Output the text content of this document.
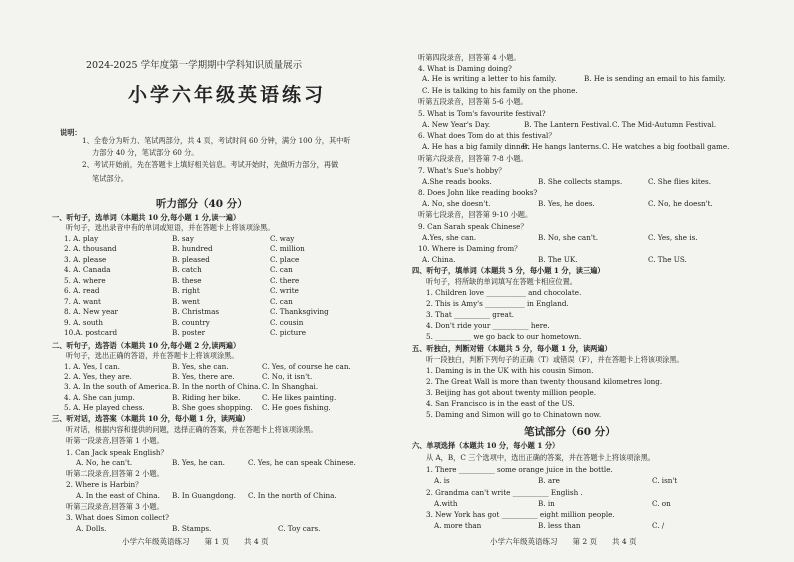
2024-2025 学年度第一学期期中学科知识质量展示
小学六年级英语练习
说明：
1、全卷分为听力、笔试两部分，共 4 页，考试时间 60 分钟，满分 100 分，其中听
力部分 40 分，笔试部分 60 分。
2、考试开始前，先在答题卡上填好相关信息。考试开始时，先做听力部分，再做
笔试部分。
听力部分（40 分）
一、听句子，选单词（本题共 10 分,每小题 1 分,读一遍）
听句子，选出录音中有的单词或短语，并在答题卡上将该项涂黑。
1. A. play	B. say	C. way
2. A. thousand	B. hundred	C. million
3. A. please	B. pleased	C. place
4. A. Canada	B. catch	C. can
5. A. where	B. these	C. there
6. A. read	B. right	C. write
7. A. want	B. went	C. can
8. A. New year	B. Christmas	C. Thanksgiving
9. A. south	B. country	C. cousin
10.A. postcard	B. poster	C. picture
二、听句子，选答语（本题共 10 分,每小题 2 分,读两遍）
听句子，选出正确的答语，并在答题卡上将该项涂黑。
1. A. Yes, I can.	B. Yes, she can.	C. Yes, of course he can.
2. A. Yes, they are.	B. Yes, there are.	C. No, it isn't.
3. A. In the south of America. B. In the north of China. C. In Shanghai.
4. A. She can jump.	B. Riding her bike.	C. He likes painting.
5. A. He played chess.	B. She goes shopping. C. He goes fishing.
三、听对话，选答案（本题共 10 分，每小题 1 分，读两遍）
听对话，根据内容和提供的问题，选择正确的答案，并在答题卡上将该项涂黑。
听第一段录音,回答第 1 小题。
1. Can Jack speak English？
A. No, he can't.	B. Yes, he can.	C. Yes, he can speak Chinese.
听第二段录音,回答第 2 小题。
2. Where is Harbin？
A. In the east of China. B. In Guangdong. C. In the north of China.
听第三段录音,回答第 3 小题。
3. What does Simon collect?
A. Dolls.	B. Stamps.	C. Toy cars.
小学六年级英语练习　　第 1 页　　共 4 页
听第四段录音，回答第 4 小题。
4. What is Daming doing?
A. He is writing a letter to his family.	B. He is sending an email to his family.
C. He is talking to his family on the phone.
听第五段录音，回答第 5-6 小题。
5. What is Tom's favourite festival?
A. New Year's Day.	B. The Lantern Festival. C. The Mid-Autumn Festival.
6. What does Tom do at this festival？
A. He has a big family dinner.
B. He hangs lanterns. C. He watches a big football game.
听第六段录音，回答第 7-8 小题。
7. What's Sue's hobby？
A.She reads books.	B. She collects stamps.	C. She flies kites.
8. Does John like reading books?
A. No, she doesn't.	B. Yes, he does.	C. No, he doesn't.
听第七段录音，回答第 9-10 小题。
9. Can Sarah speak Chinese？
A.Yes, she can.	B. No, she can't.	C. Yes, she is.
10. Where is Daming from？
A. China.	B. The UK.	C. The US.
四、听句子，填单词（本题共 5 分，每小题 1 分，读三遍）
听句子，将所缺的单词填写在答题卡相应位置。
1. Children love ___________ and chocolate.
2. This is Amy's ___________ in England.
3. That __________ great.
4. Don't ride your __________ here.
5. __________ we go back to our hometown.
五、听独白，判断对错（本题共 5 分，每小题 1 分，读两遍）
听一段独白，判断下列句子的正确（T）或错误（F），并在答题卡上将该项涂黑。
1. Daming is in the UK with his cousin Simon.
2. The Great Wall is more than twenty thousand kilometres long.
3. Beijing has got about twenty million people.
4. San Francisco is in the east of the US.
5. Daming and Simon will go to Chinatown now.
笔试部分（60 分）
六、单项选择（本题共 10 分，每小题 1 分）
从 A，B，C 三个选项中，选出正确的答案，并在答题卡上将该项涂黑。
1. There __________ some orange juice in the bottle.
A. is	B. are	C. isn't
2. Grandma can't write __________ English .
A.with	B. in	C. on
3. New York has got __________ eight million people.
A. more than	B. less than	C. /
小学六年级英语练习　　第 2 页　　共 4 页
